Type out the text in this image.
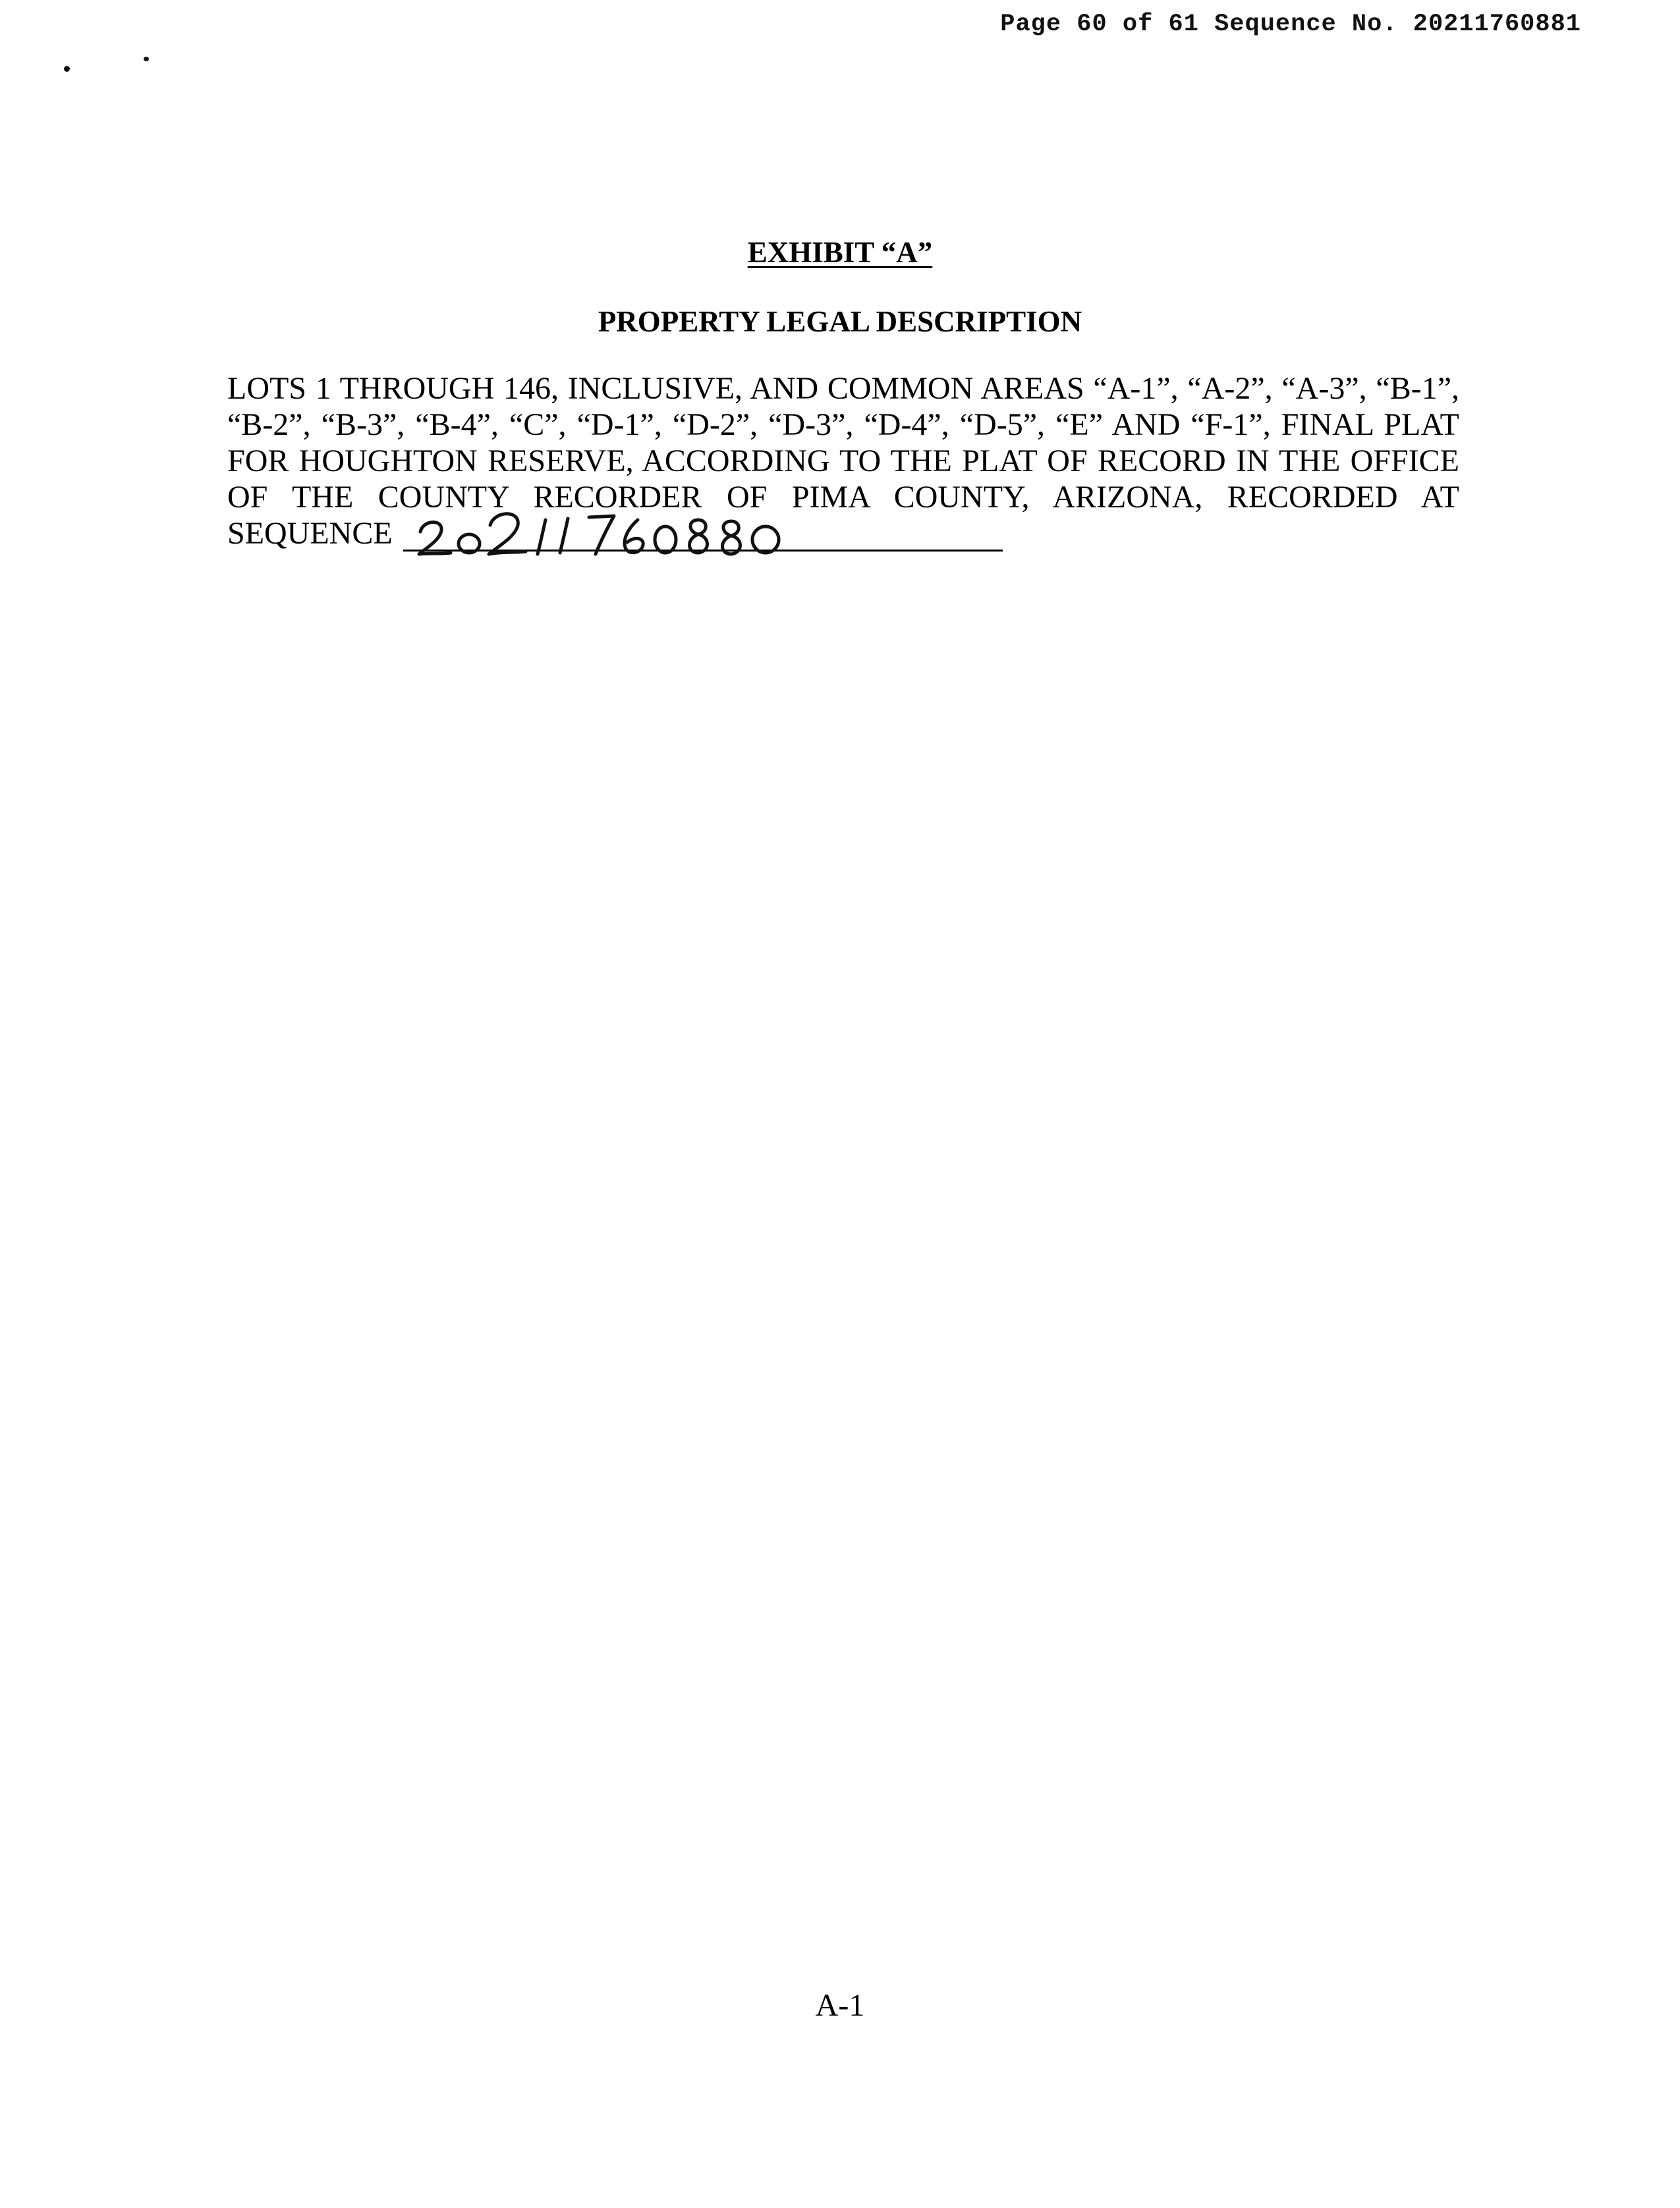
Page 60 of 61 Sequence No. 20211760881
EXHIBIT “A”
PROPERTY LEGAL DESCRIPTION
LOTS 1 THROUGH 146, INCLUSIVE, AND COMMON AREAS “A-1”, “A-2”, “A-3”, “B-1”,
“B-2”, “B-3”, “B-4”, “C”, “D-1”, “D-2”, “D-3”, “D-4”, “D-5”, “E” AND “F-1”, FINAL PLAT
FOR HOUGHTON RESERVE, ACCORDING TO THE PLAT OF RECORD IN THE OFFICE
OF THE COUNTY RECORDER OF PIMA COUNTY, ARIZONA, RECORDED AT
SEQUENCE
A-1
